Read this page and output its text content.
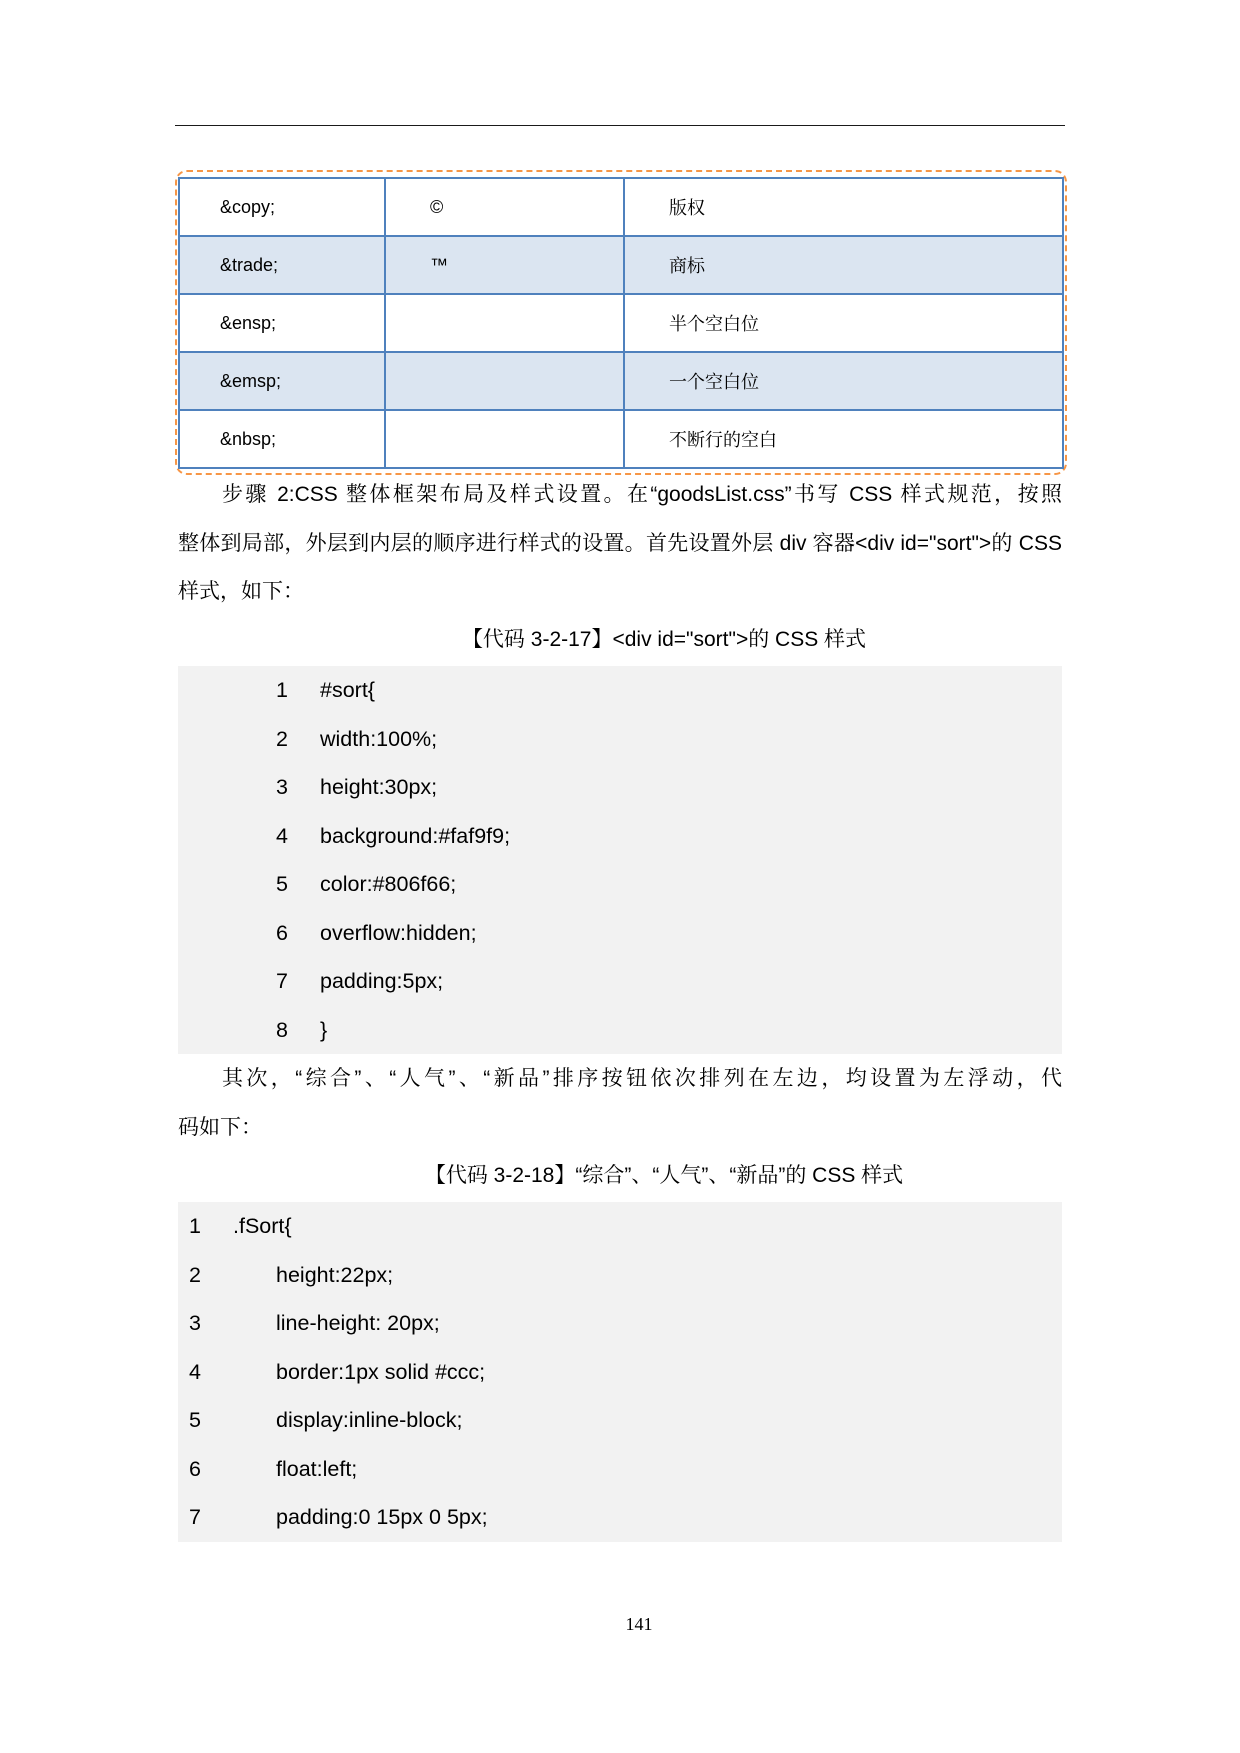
&copy;	©	版权
&trade;	™	商标
&ensp;		半个空白位
&emsp;		一个空白位
&nbsp;		不断行的空白
步骤 2:CSS 整体框架布局及样式设置。在“goodsList.css”书写 CSS 样式规范，按照
整体到局部，外层到内层的顺序进行样式的设置。首先设置外层 div 容器<div id="sort">的 CSS
样式，如下：
【代码 3-2-17】<div id="sort">的 CSS 样式
1 #sort{
2 width:100%;
3 height:30px;
4 background:#faf9f9;
5 color:#806f66;
6 overflow:hidden;
7 padding:5px;
8 }
其次，“综合”、“人气”、“新品”排序按钮依次排列在左边，均设置为左浮动，代
码如下：
【代码 3-2-18】“综合”、“人气”、“新品”的 CSS 样式
1 .fSort{
2	height:22px;
3	line-height: 20px;
4	border:1px solid #ccc;
5	display:inline-block;
6	float:left;
7	padding:0 15px 0 5px;
141
